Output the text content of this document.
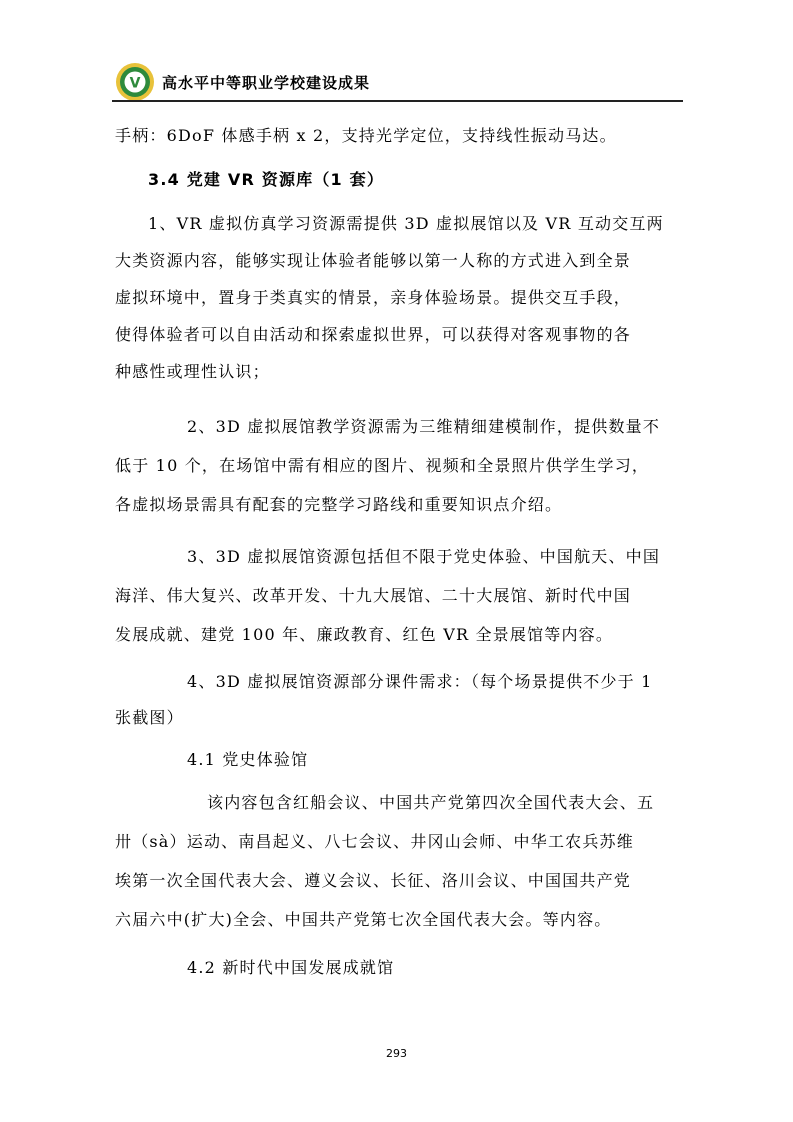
V 高水平中等职业学校建设成果
手柄：6DoF 体感手柄 x 2，支持光学定位，支持线性振动马达。
3.4 党建 VR 资源库（1 套）
1、VR 虚拟仿真学习资源需提供 3D 虚拟展馆以及 VR 互动交互两
大类资源内容，能够实现让体验者能够以第一人称的方式进入到全景
虚拟环境中，置身于类真实的情景，亲身体验场景。提供交互手段，
使得体验者可以自由活动和探索虚拟世界，可以获得对客观事物的各
种感性或理性认识；
2、3D 虚拟展馆教学资源需为三维精细建模制作，提供数量不
低于 10 个，在场馆中需有相应的图片、视频和全景照片供学生学习，
各虚拟场景需具有配套的完整学习路线和重要知识点介绍。
3、3D 虚拟展馆资源包括但不限于党史体验、中国航天、中国
海洋、伟大复兴、改革开发、十九大展馆、二十大展馆、新时代中国
发展成就、建党 100 年、廉政教育、红色 VR 全景展馆等内容。
4、3D 虚拟展馆资源部分课件需求：（每个场景提供不少于 1
张截图）
4.1 党史体验馆
该内容包含红船会议、中国共产党第四次全国代表大会、五
卅（sà）运动、南昌起义、八七会议、井冈山会师、中华工农兵苏维
埃第一次全国代表大会、遵义会议、长征、洛川会议、中国国共产党
六届六中(扩大)全会、中国共产党第七次全国代表大会。等内容。
4.2 新时代中国发展成就馆
293
